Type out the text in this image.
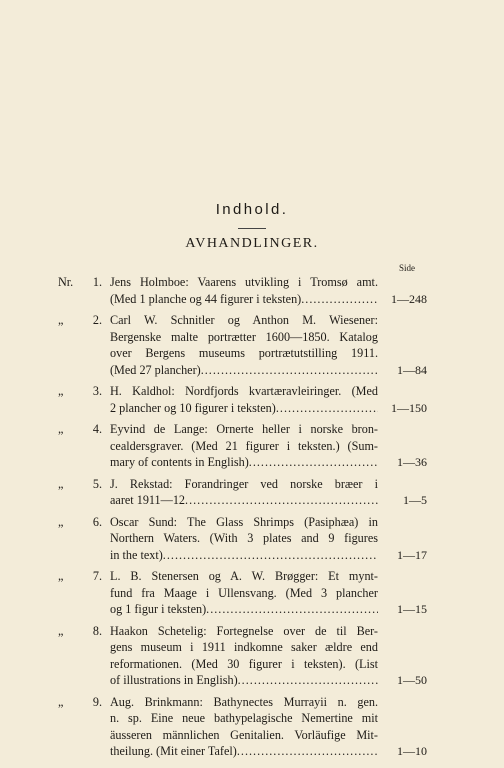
Indhold.
AVHANDLINGER.
Side
Nr.	1. Jens Holmboe: Vaarens utvikling i Tromsø amt.
(Med 1 planche og 44 figurer i teksten) .....	1—248
„	2. Carl W. Schnitler og Anthon M. Wiesener:
Bergenske malte portrætter 1600—1850. Katalog
over Bergens museums portrætutstilling 1911.
(Med 27 plancher) .....	1—84
„	3. H. Kaldhol: Nordfjords kvartæravleiringer. (Med
2 plancher og 10 figurer i teksten) .....	1—150
„	4. Eyvind de Lange: Ornerte heller i norske bron-
cealdersgraver. (Med 21 figurer i teksten.) (Sum-
mary of contents in English) .....	1—36
„	5. J. Rekstad: Forandringer ved norske bræer i
aaret 1911—12 .....	1—5
„	6. Oscar Sund: The Glass Shrimps (Pasiphæa) in
Northern Waters. (With 3 plates and 9 figures
in the text) .....	1—17
„	7. L. B. Stenersen og A. W. Brøgger: Et mynt-
fund fra Maage i Ullensvang. (Med 3 plancher
og 1 figur i teksten) .....	1—15
„	8. Haakon Schetelig: Fortegnelse over de til Ber-
gens museum i 1911 indkomne saker ældre end
reformationen. (Med 30 figurer i teksten). (List
of illustrations in English) .....	1—50
„	9. Aug. Brinkmann: Bathynectes Murrayii n. gen.
n. sp. Eine neue bathypelagische Nemertine mit
äusseren männlichen Genitalien. Vorläufige Mit-
theilung. (Mit einer Tafel) .....	1—10
